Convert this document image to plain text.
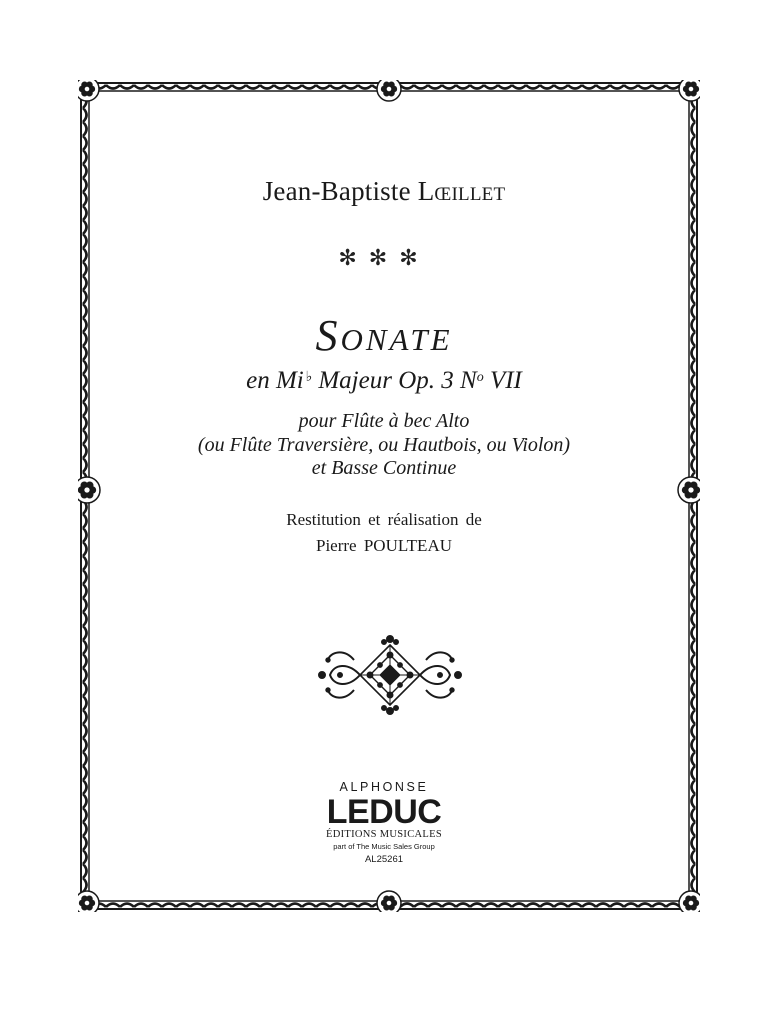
Jean-Baptiste Lœillet
✻✻✻
Sonate
en Mi ♭ Majeur Op. 3 $N^o$ VII
pour Flûte à bec Alto
(ou Flûte Traversière, ou Hautbois, ou Violon)
et Basse Continue
Restitution et réalisation de
Pierre POULTEAU
ALPHONSE
LEDUC
ÉDITIONS MUSICALES
part of The Music Sales Group
AL25261
